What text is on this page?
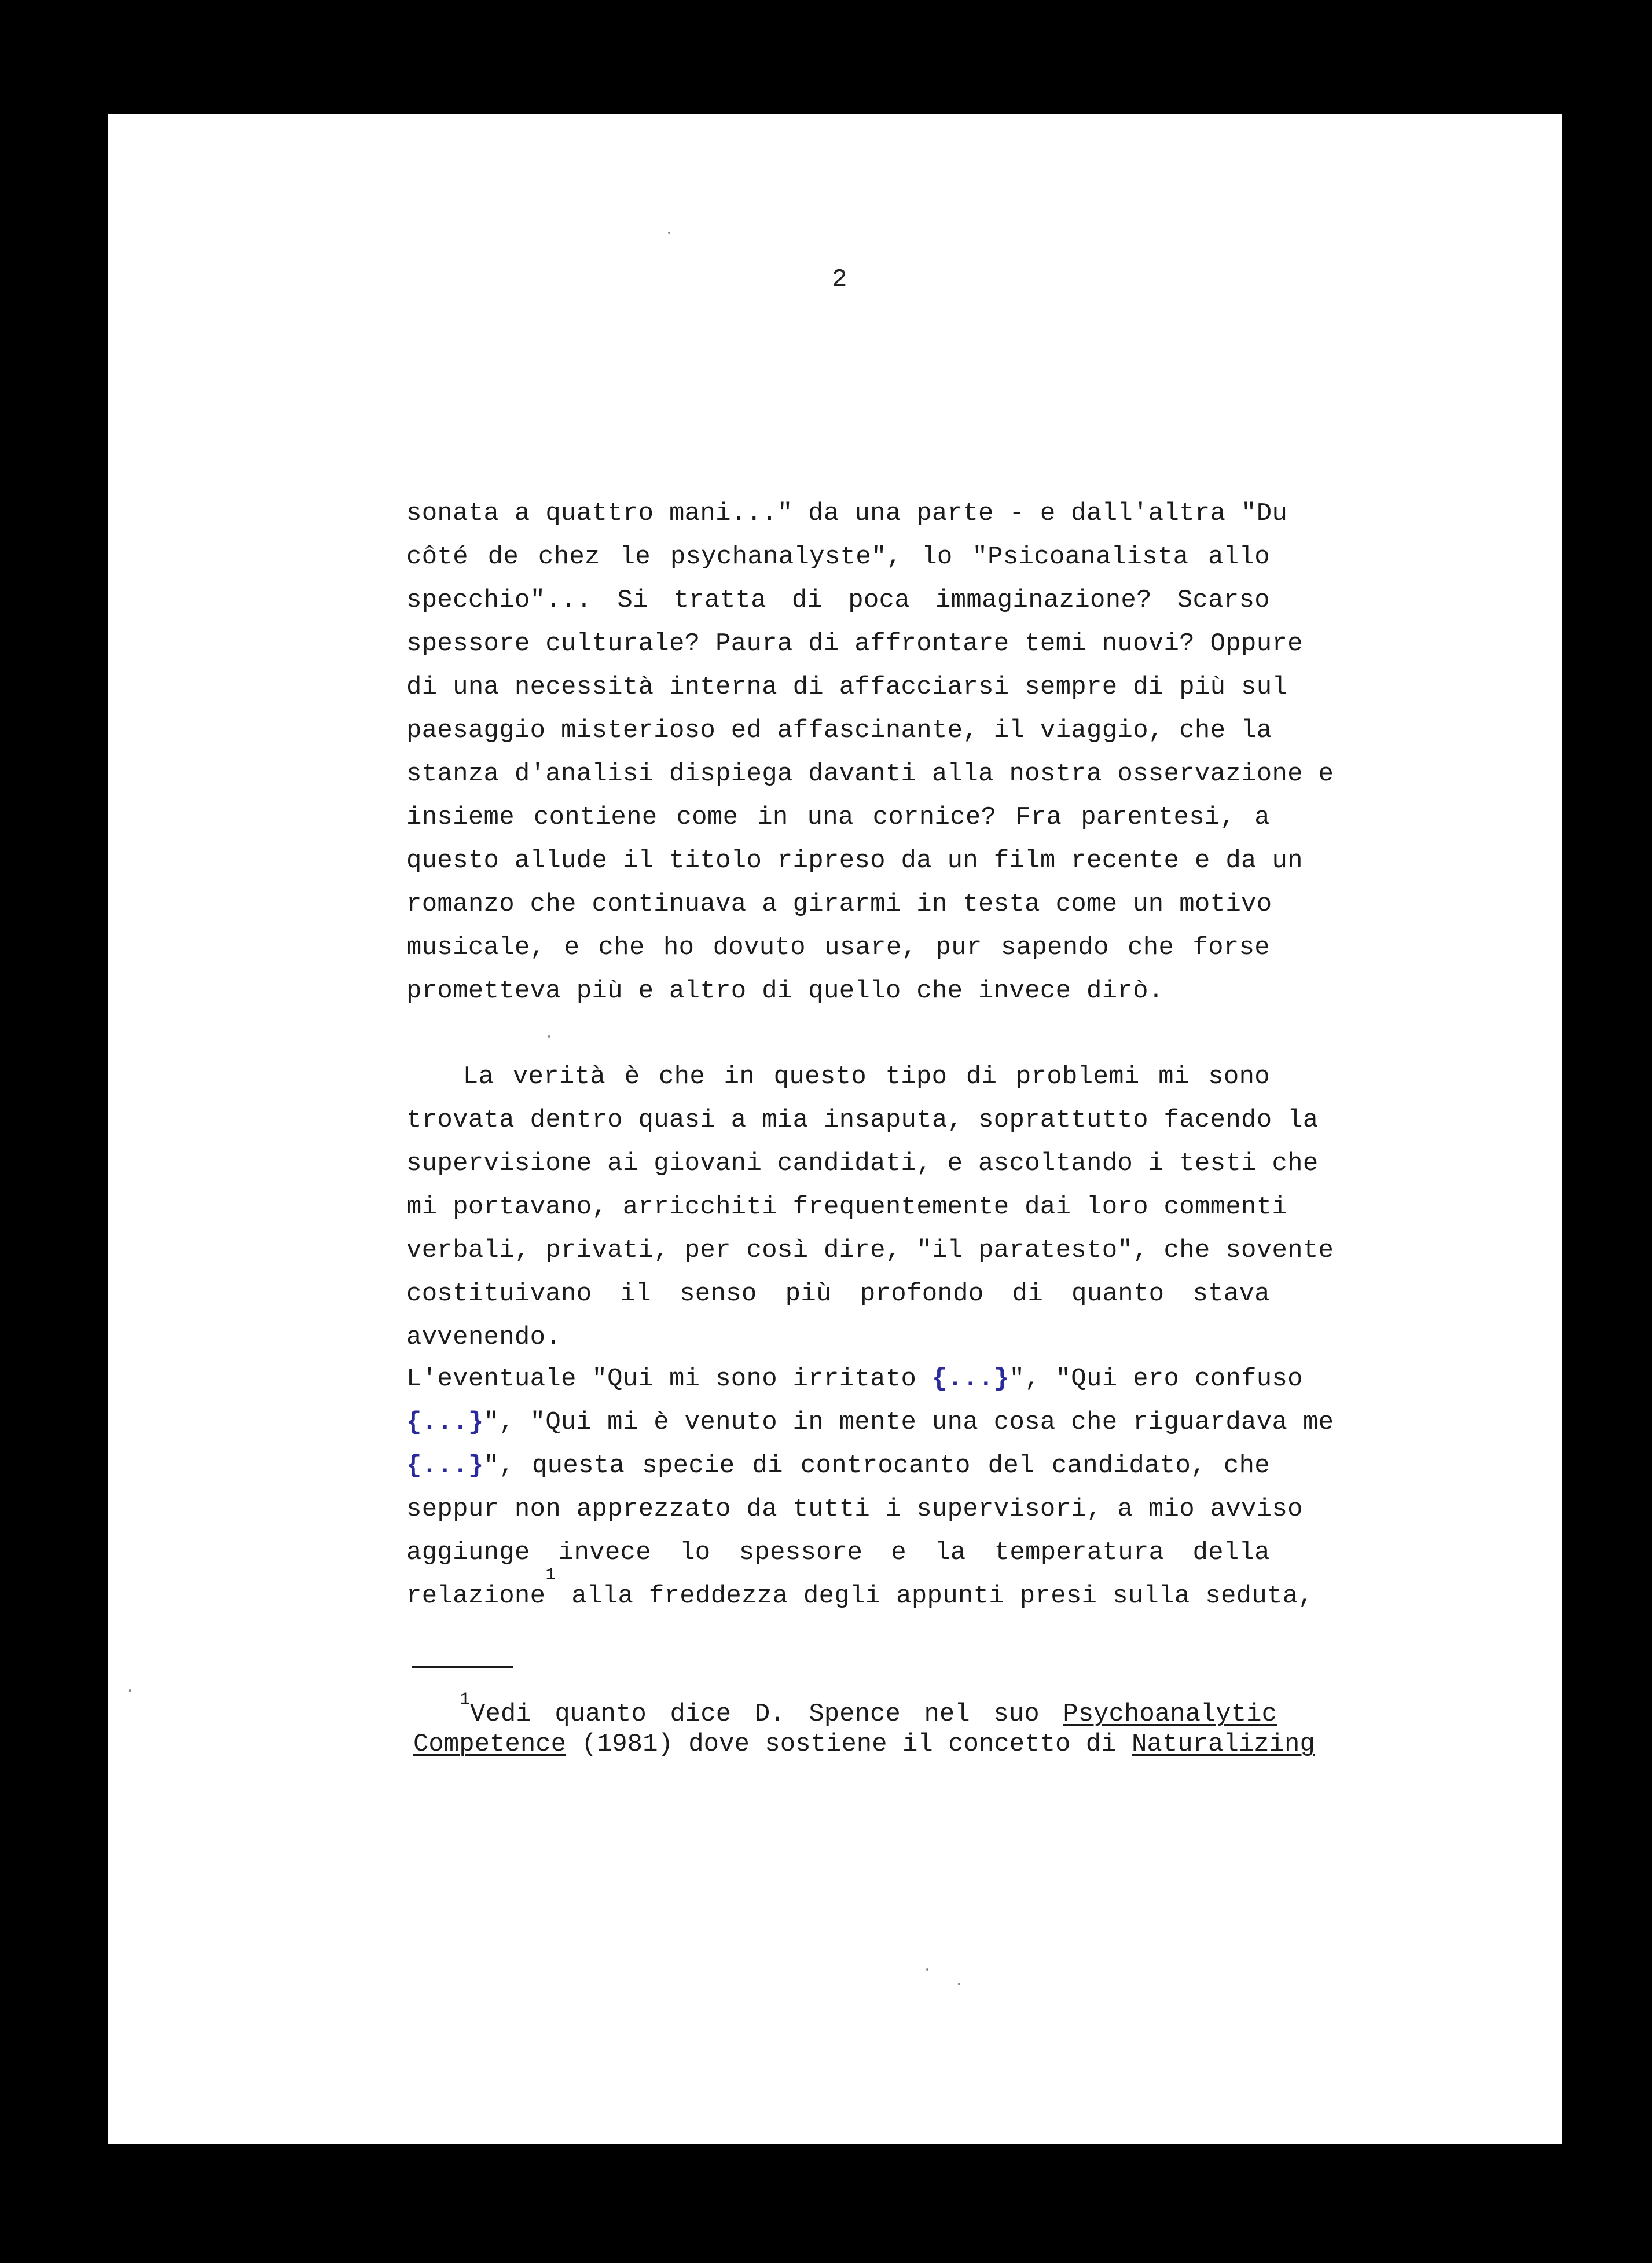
2
sonata a quattro mani..." da una parte - e dall'altra "Du
côté de chez le psychanalyste", lo "Psicoanalista allo
specchio"... Si tratta di poca immaginazione? Scarso
spessore culturale? Paura di affrontare temi nuovi? Oppure
di una necessità interna di affacciarsi sempre di più sul
paesaggio misterioso ed affascinante, il viaggio, che la
stanza d'analisi dispiega davanti alla nostra osservazione e
insieme contiene come in una cornice? Fra parentesi, a
questo allude il titolo ripreso da un film recente e da un
romanzo che continuava a girarmi in testa come un motivo
musicale, e che ho dovuto usare, pur sapendo che forse
prometteva più e altro di quello che invece dirò.
La verità è che in questo tipo di problemi mi sono
trovata dentro quasi a mia insaputa, soprattutto facendo la
supervisione ai giovani candidati, e ascoltando i testi che
mi portavano, arricchiti frequentemente dai loro commenti
verbali, privati, per così dire, "il paratesto", che sovente
costituivano il senso più profondo di quanto stava
avvenendo.
L'eventuale "Qui mi sono irritato {...}", "Qui ero confuso
{...}", "Qui mi è venuto in mente una cosa che riguardava me
{...}", questa specie di controcanto del candidato, che
seppur non apprezzato da tutti i supervisori, a mio avviso
aggiunge invece lo spessore e la temperatura della
relazione$^1$ alla freddezza degli appunti presi sulla seduta,
$^1$Vedi quanto dice D. Spence nel suo Psychoanalytic
Competence (1981) dove sostiene il concetto di Naturalizing
